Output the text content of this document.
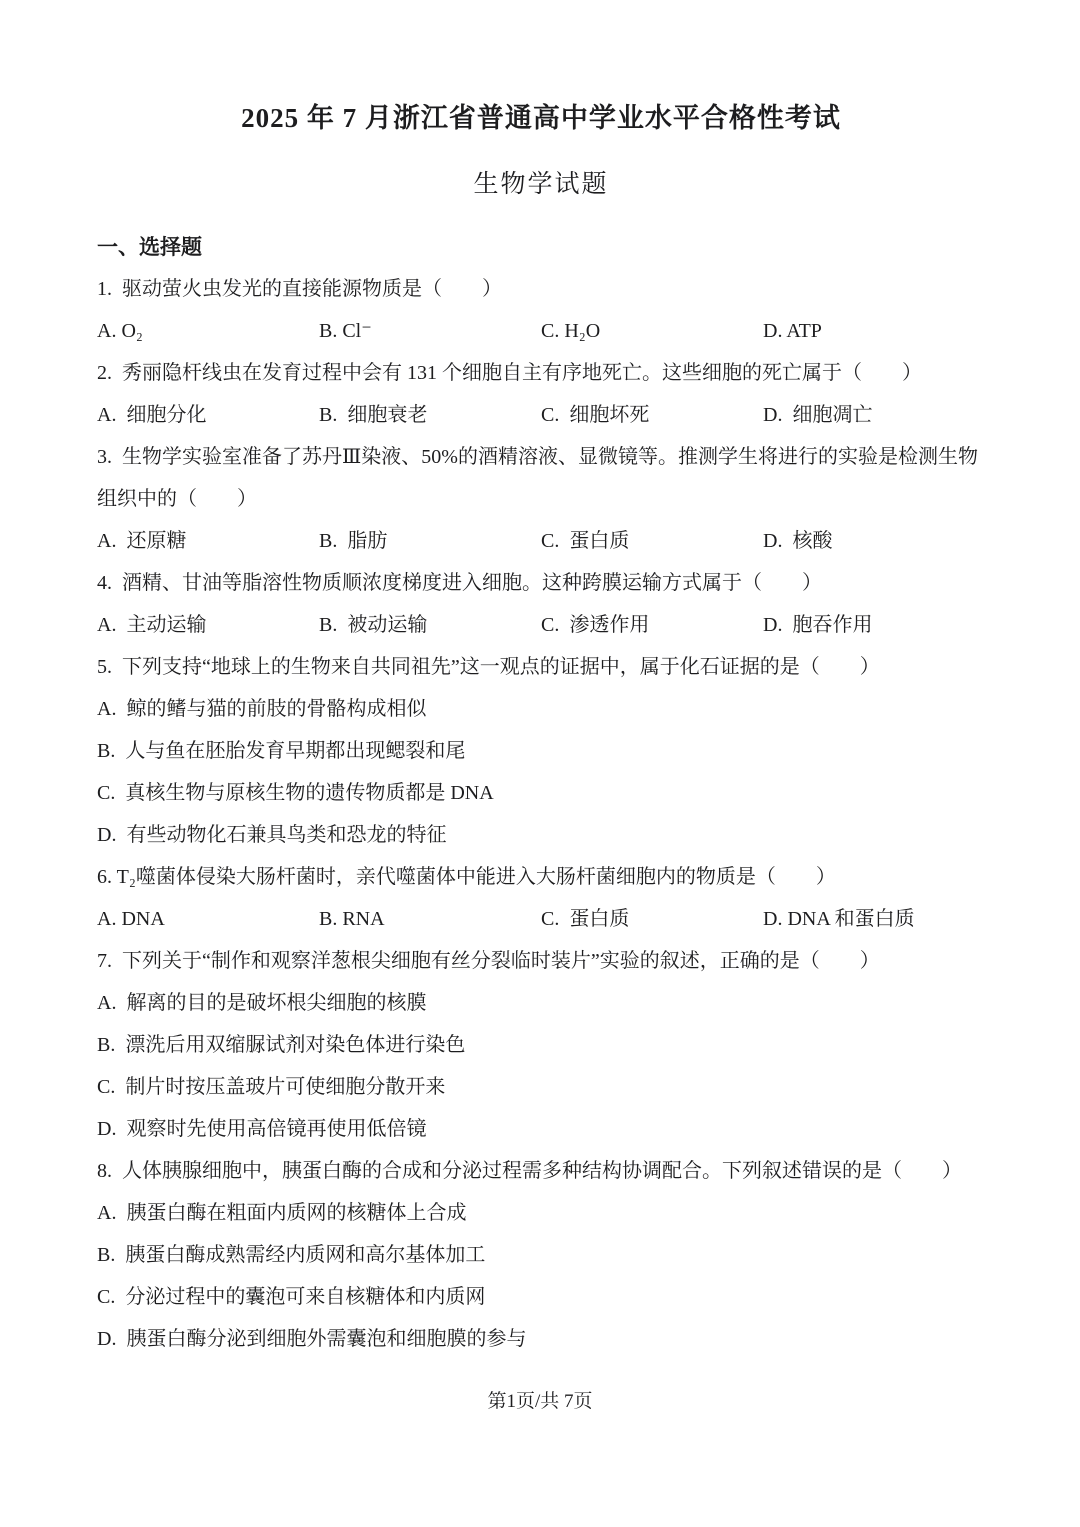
2025 年 7 月浙江省普通高中学业水平合格性考试
生物学试题
一、选择题
1.  驱动萤火虫发光的直接能源物质是（　　）
A. O₂	B. Cl⁻	C. H₂O	D. ATP
2.  秀丽隐杆线虫在发育过程中会有 131 个细胞自主有序地死亡。这些细胞的死亡属于（　　）
A.  细胞分化	B.  细胞衰老	C.  细胞坏死	D.  细胞凋亡
3.  生物学实验室准备了苏丹Ⅲ染液、50%的酒精溶液、显微镜等。推测学生将进行的实验是检测生物组织中的（　　）
A.  还原糖	B.  脂肪	C.  蛋白质	D.  核酸
4.  酒精、甘油等脂溶性物质顺浓度梯度进入细胞。这种跨膜运输方式属于（　　）
A.  主动运输	B.  被动运输	C.  渗透作用	D.  胞吞作用
5.  下列支持“地球上的生物来自共同祖先”这一观点的证据中，属于化石证据的是（　　）
A.  鲸的鳍与猫的前肢的骨骼构成相似
B.  人与鱼在胚胎发育早期都出现鳃裂和尾
C.  真核生物与原核生物的遗传物质都是 DNA
D.  有些动物化石兼具鸟类和恐龙的特征
6. T₂噬菌体侵染大肠杆菌时，亲代噬菌体中能进入大肠杆菌细胞内的物质是（　　）
A. DNA	B. RNA	C.  蛋白质	D. DNA 和蛋白质
7.  下列关于“制作和观察洋葱根尖细胞有丝分裂临时装片”实验的叙述，正确的是（　　）
A.  解离的目的是破坏根尖细胞的核膜
B.  漂洗后用双缩脲试剂对染色体进行染色
C.  制片时按压盖玻片可使细胞分散开来
D.  观察时先使用高倍镜再使用低倍镜
8.  人体胰腺细胞中，胰蛋白酶的合成和分泌过程需多种结构协调配合。下列叙述错误的是（　　）
A.  胰蛋白酶在粗面内质网的核糖体上合成
B.  胰蛋白酶成熟需经内质网和高尔基体加工
C.  分泌过程中的囊泡可来自核糖体和内质网
D.  胰蛋白酶分泌到细胞外需囊泡和细胞膜的参与
第1页/共 7页
